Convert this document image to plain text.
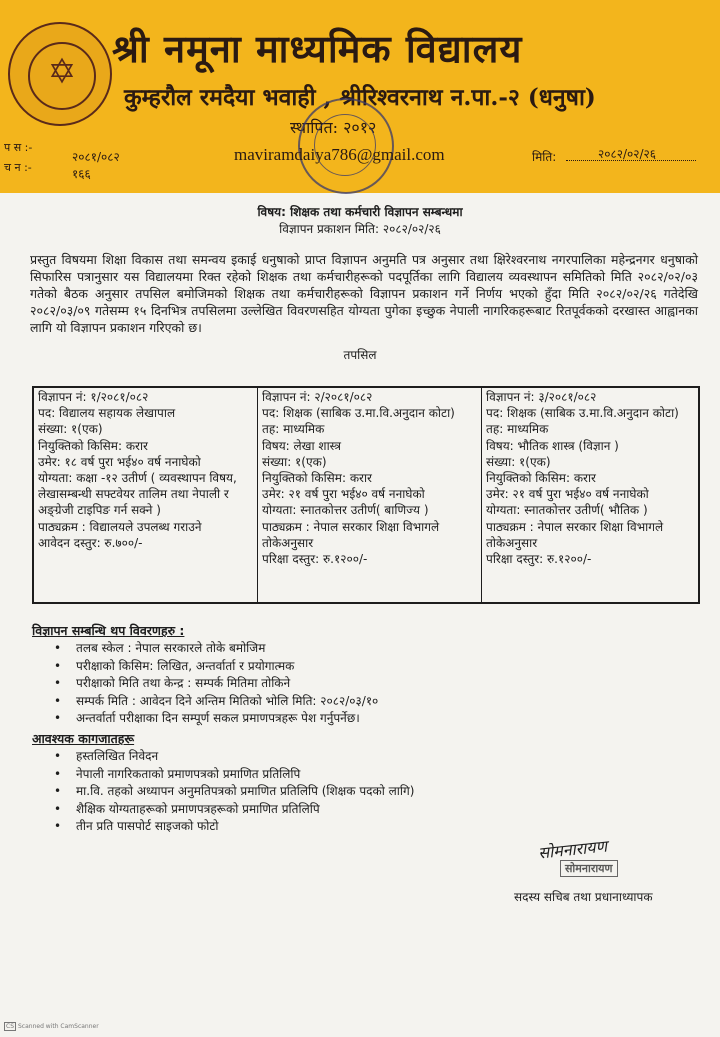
✡
श्री नमूना माध्यमिक विद्यालय
कुम्हरौल रमदैया भवाही , श्रीरिश्वरनाथ न.पा.-२ (धनुषा)
स्थापित: २०१२
maviramdaiya786@gmail.com
प स :-
च न :-
२०८१/०८२
१६६
मिति:	२०८२/०२/२६
विषय: शिक्षक तथा कर्मचारी विज्ञापन सम्बन्धमा
विज्ञापन प्रकाशन मिति: २०८२/०२/२६
प्रस्तुत विषयमा शिक्षा विकास तथा समन्वय इकाई धनुषाको प्राप्त विज्ञापन अनुमति पत्र अनुसार तथा क्षिरेश्वरनाथ नगरपालिका महेन्द्रनगर धनुषाको सिफारिस पत्रानुसार यस विद्यालयमा रिक्त रहेको शिक्षक तथा कर्मचारीहरूको पदपूर्तिका लागि विद्यालय व्यवस्थापन समितिको मिति २०८२/०२/०३ गतेको बैठक अनुसार तपसिल बमोजिमको शिक्षक तथा कर्मचारीहरूको विज्ञापन प्रकाशन गर्ने निर्णय भएको हुँदा मिति २०८२/०२/२६ गतेदेखि २०८२/०३/०९ गतेसम्म १५ दिनभित्र तपसिलमा उल्लेखित विवरणसहित योग्यता पुगेका इच्छुक नेपाली नागरिकहरूबाट रितपूर्वकको दरखास्त आह्वानका लागि यो विज्ञापन प्रकाशन गरिएको छ।
तपसिल
विज्ञापन नं: १/२०८१/०८२
पद: विद्यालय सहायक लेखापाल
संख्या: १(एक)
नियुक्तिको किसिम: करार
उमेर: १८ वर्ष पुरा भई४० वर्ष ननाघेको
योग्यता: कक्षा -१२ उतीर्ण ( व्यवस्थापन विषय, लेखासम्बन्धी सफ्टवेयर तालिम तथा नेपाली र अङ्ग्रेजी टाइपिङ गर्न सक्ने )
पाठ्यक्रम : विद्यालयले उपलब्ध गराउने
आवेदन दस्तुर: रु.७००/-
विज्ञापन नं: २/२०८१/०८२
पद: शिक्षक (साबिक उ.मा.वि.अनुदान कोटा)
तह: माध्यमिक
विषय: लेखा शास्त्र
संख्या: १(एक)
नियुक्तिको किसिम: करार
उमेर: २१ वर्ष पुरा भई४० वर्ष ननाघेको
योग्यता: स्नातकोत्तर उतीर्ण( बाणिज्य )
पाठ्यक्रम : नेपाल सरकार शिक्षा विभागले तोकेअनुसार
परिक्षा दस्तुर: रु.१२००/-
विज्ञापन नं: ३/२०८१/०८२
पद: शिक्षक (साबिक उ.मा.वि.अनुदान कोटा)
तह: माध्यमिक
विषय: भौतिक शास्त्र (विज्ञान )
संख्या: १(एक)
नियुक्तिको किसिम: करार
उमेर: २१ वर्ष पुरा भई४० वर्ष ननाघेको
योग्यता: स्नातकोत्तर उतीर्ण( भौतिक )
पाठ्यक्रम : नेपाल सरकार शिक्षा विभागले तोकेअनुसार
परिक्षा दस्तुर: रु.१२००/-
विज्ञापन सम्बन्धि थप विवरणहरु :
• तलब स्केल : नेपाल सरकारले तोके बमोजिम
• परीक्षाको किसिम: लिखित, अन्तर्वार्ता र प्रयोगात्मक
• परीक्षाको मिति तथा केन्द्र : सम्पर्क मितिमा तोकिने
• सम्पर्क मिति : आवेदन दिने अन्तिम मितिको भोलि मिति: २०८२/०३/१०
• अन्तर्वार्ता परीक्षाका दिन सम्पूर्ण सकल प्रमाणपत्रहरू पेश गर्नुपर्नेछ।
आवश्यक कागजातहरू
• हस्तलिखित निवेदन
• नेपाली नागरिकताको प्रमाणपत्रको प्रमाणित प्रतिलिपि
• मा.वि. तहको अध्यापन अनुमतिपत्रको प्रमाणित प्रतिलिपि (शिक्षक पदको लागि)
• शैक्षिक योग्यताहरूको प्रमाणपत्रहरूको प्रमाणित प्रतिलिपि
• तीन प्रति पासपोर्ट साइजको फोटो
सोमनारायण
सोमनारायण
सदस्य सचिब तथा प्रधानाध्यापक
CS Scanned with CamScanner
